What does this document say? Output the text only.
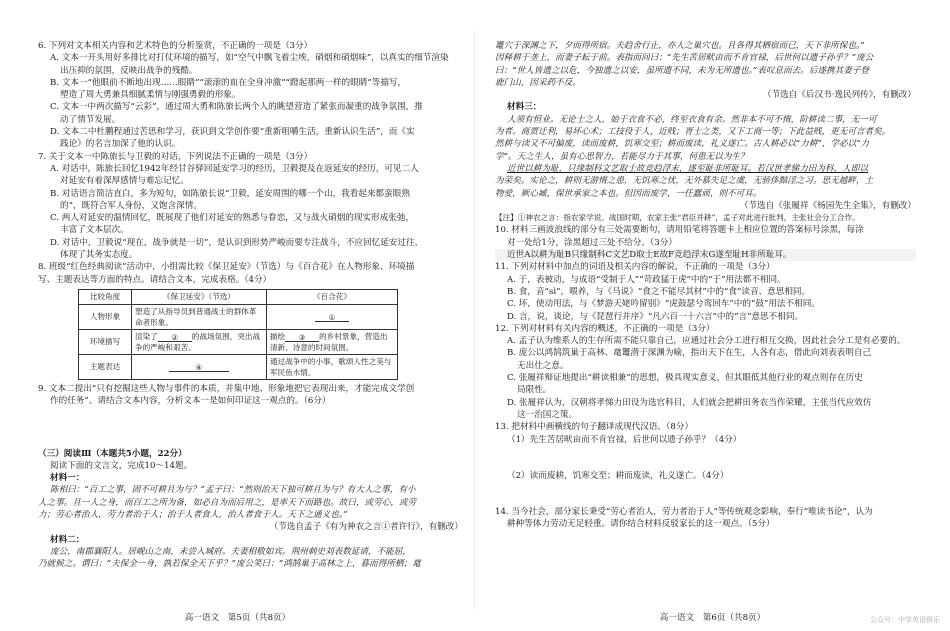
6. 下列对文本相关内容和艺术特色的分析鉴赏，不正确的一项是（3分）
A. 文本一开头用好多排比对打仗环境的描写，如“空气中飘飞着尘埃，硝烟和硝烟味”，以真实的细节渲染
出压抑的氛围，反映出战争的残酷。
B. 文本一“他眼前不断地出现……眼睛”“滚滚的血在全身冲激”“蹬起那两一样的眼睛”等描写，
塑造了周大勇兼具细腻柔情与刚强勇毅的形象。
C. 文本一中两次描写“云彩”，通过周大勇和陈旅长两个人的眺望营造了紧张而凝重的战争氛围，推
动了情节发展。
D. 文本二中杜鹏程通过苦思和学习，获识到文学创作要“重新咀嚼生活，重新认识生活”，而《实
践论》的名言加深了他的认识。
7. 关于文本一中陈旅长与卫毅的对话，下列说法不正确的一项是（3分）
A. 对话中，陈旅长回忆1942年经甘谷驿回延安学习的经历，卫毅提及在返延安的经历，可见二人
对延安有着深厚感情与难忘记忆。
B. 对话语言简洁直白，多为短句，如陈旅长说“卫毅，延安周围的哪一个山，我看起来都蛮眼熟
的”，既符合军人身份，又饱含深情。
C. 两人对延安的温情回忆，既展现了他们对延安的熟悉与眷恋，又与战火硝烟的现实形成张弛，
丰富了文本层次。
D. 对话中，卫毅说“现在，战争就是一切”，是认识到形势严峻而要专注战斗，不应回忆延安过往，
体现了其务实态度。
8. 班级“红色经典阅读”活动中，小组需比较《保卫延安》（节选）与《百合花》在人物形象、环境描
写、主题表达等方面的特点。请结合文本，完成表格。（4分）
比较角度	《保卫延安》（节选）	《百合花》
人物形象	塑造了从指导员到普通战士的群体革命者形象。	①
环境描写	渲染了 ② 的战场氛围，突出战争的严峻和艰苦。	描绘 ③ 的乡村景象，营造出清新、诗意的时间氛围。
主题表达	④	通过战争中的小事，歌颂人性之美与军民鱼水情。
9. 文本二提出“只有挖掘这些人物与事件的本质，并集中地、形象地把它表现出来，才能完成文学创
作的任务”。请结合文本内容，分析文本一是如何印证这一观点的。（6分）
（三）阅读Ⅲ（本题共5小题，22分）
阅读下面的文言文，完成10～14题。
材料一：
陈相曰：“百工之事，固不可耕且为与？”孟子曰：“然则治天下独可耕且为与？有大人之事，有小
人之事。且一人之身，而百工之所为备，如必自为而后用之，是率天下而路也。故曰，或劳心，或劳
力；劳心者治人，劳力者治于人；治于人者食人，治人者食于人。天下之通义也。”
（节选自孟子《有为神农之言①者许行》，有删改）
材料二：
庞公，南郡襄阳人。居岘山之南，未尝入城府。夫妻相敬如宾。荆州刺史刘表数延请，不能屈，
乃就候之。谓曰：“夫保全一身，孰若保全天下乎？”庞公笑曰：“鸿鹄巢于高林之上，暮而得所栖；鼋
高一语文　第5页（共8页）
鼍穴于深渊之下，夕而得所宿。夫趋舍行止，亦人之巢穴也。且各得其栖宿而已，天下非所保也。”
因释耕于垄上，而妻子耘于前。表指而问曰：“先生苦居畎亩而不肯官禄，后世何以遗子孙乎？”庞公
曰：“世人皆遗之以危，今独遗之以安，虽所遗不同，未为无所遗也。”表叹息而去。后遂携其妻子登
鹿门山，因采药不反。
（节选自《后汉书·逸民列传》，有删改）
材料三：
人须有恒业。无论士之人，始于衣食不必，终至衣食有余。然非本不可不惰，阶耕读二事，无一可
为者。商贾迁利，易坏心术；工技役于人，近贱；胥士之类，又下工商一等；下此益贱，更无可言者矣。
然耕与读又不可偏废，读而废耕，饥寒交至；耕而废读，礼义遂亡。古人耕必以“力耕”，学必以“力
学”。天之生人，虽有心思智力，若能尽力于其事，何患无以为生？
近世以耕为耻，只缘制科文艺取士故竞趋浮末，遂至耻非所耻耳。若汉世孝悌力田为科，人即以
为荣矣。实论之，耕则无游惰之患，无饥寒之忧，无外慕失足之虞，无骄侈黯淫之习。思无越畔，土
物爱，厥心臧，保世承家之本也。但因而废学，一任蠢顽，则不可耳。
（节选自《张履祥《杨园先生全集》，有删改）
【注】①神农之言：指农家学说。战国时期，农家主张“君臣并耕”，孟子对此进行批判，主张社会分工合作。
10. 材料三画波浪线的部分有三处需要断句，请用铅笔将答题卡上相应位置的答案标号涂黑，每涂
对一处给1分，涂黑超过三处不给分。（3分）
近世A以耕为耻B只缘制科C文艺D取士E故F竞趋浮末G遂至耻H非所耻耳。
11. 下列对材料中加点的词语及相关内容的解说，不正确的一项是（3分）
A. 于，表被动，与成语“受制于人”“苛政猛于虎”中的“于”用法都不相同。
B. 食，音“sì”，喂养，与《马说》“食之不能尽其材”中的“食”读音、意思相同。
C. 坏，使动用法，与《梦游天姥吟留别》“虎鼓瑟兮鸾回车”中的“鼓”用法不相同。
D. 言，说，谈论，与《琵琶行并序》“凡六百一十六言”中的“言”意思不相同。
12. 下列对材料有关内容的概述，不正确的一项是（3分）
A. 孟子认为维系人的生存所需不能只靠自己，应通过社会分工进行相互交换，因此社会分工是有必要的。
B. 庞公以鸿鹄筑巢于高林、鼋鼍潜于深渊为喻，指出天下在生，人各有志，借此向刘表表明自己
无出仕之意。
C. 张履祥辩证地提出“耕读相兼”的思想，极具现实意义，但其眼低其他行业的观点则存在历史
局限性。
D. 张履祥认为，汉朝将孝悌力田设为选官科目，人们就会把耕田务农当作荣耀，主张当代应效仿
这一治国之策。
13. 把材料中画横线的句子翻译成现代汉语。（8分）
（1）先生苦居畎亩而不肯官禄，后世何以遗子孙乎？（4分）
（2）读而废耕，饥寒交至；耕而废读，礼义遂亡。（4分）
14. 当今社会，部分家长秉受“劳心者治人，劳力者治于人”等传统观念影响，奉行“唯读书论”，认为
耕种等体力劳动无足轻重。请你结合材料反驳家长的这一观点。（5分）
高一语文　第6页（共8页）	公众号：中学英语俱乐
